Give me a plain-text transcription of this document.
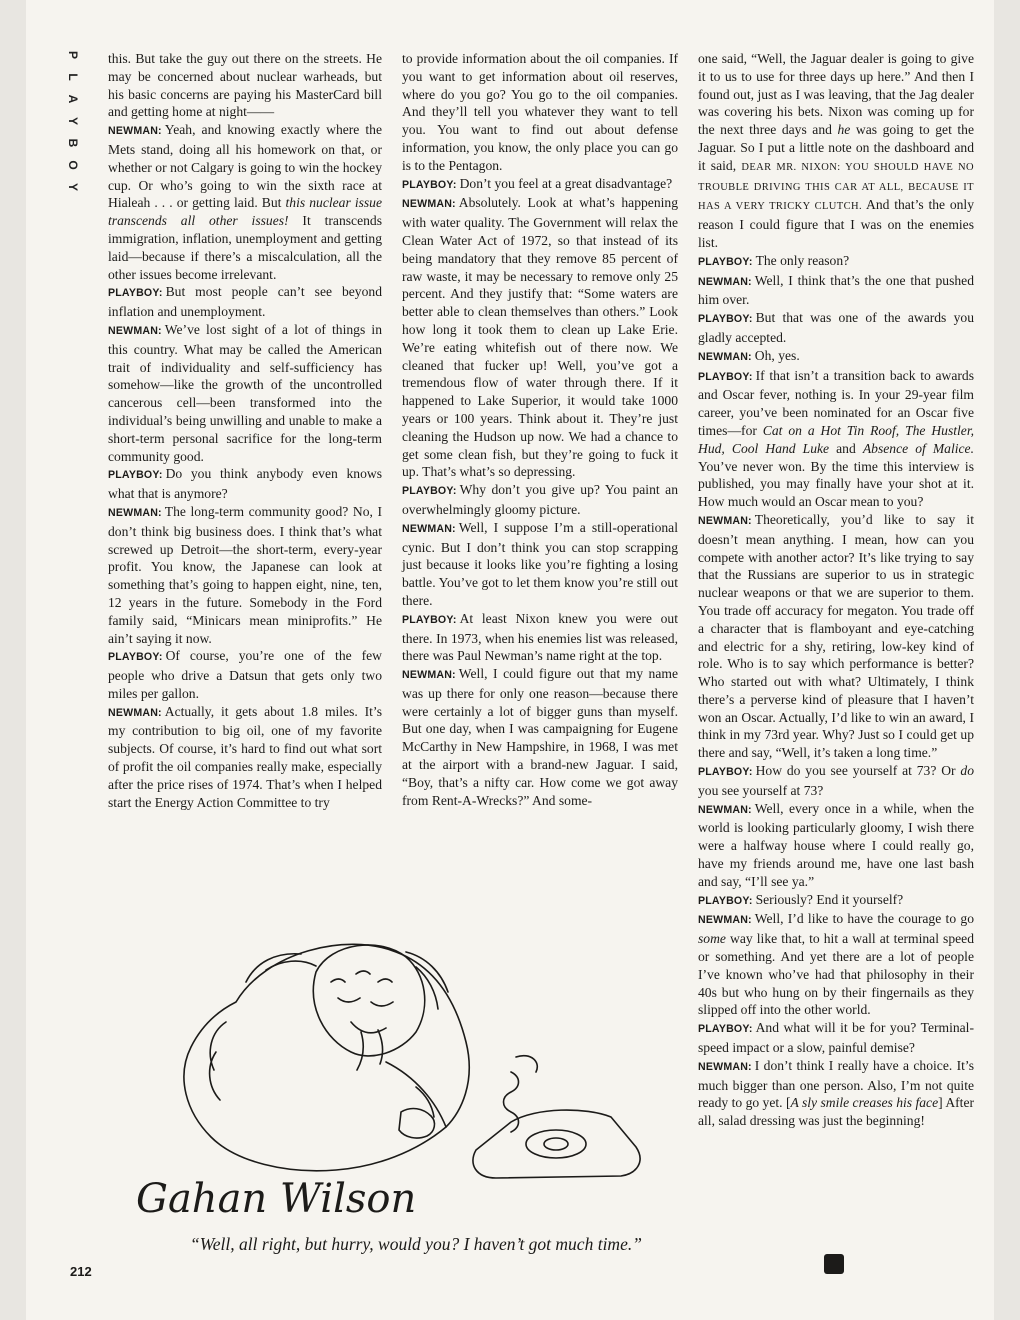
P
L
A
Y
B
O
Y

this. But take the guy out there on the streets. He may be concerned about nuclear warheads, but his basic concerns are paying his MasterCard bill and getting home at night——

NEWMAN: Yeah, and knowing exactly where the Mets stand, doing all his homework on that, or whether or not Calgary is going to win the hockey cup. Or who’s going to win the sixth race at Hialeah . . . or getting laid. But this nuclear issue transcends all other issues! It transcends immigration, inflation, unemployment and getting laid—because if there’s a miscalculation, all the other issues become irrelevant.

PLAYBOY: But most people can’t see beyond inflation and unemployment.

NEWMAN: We’ve lost sight of a lot of things in this country. What may be called the American trait of individuality and self-sufficiency has somehow—like the growth of the uncontrolled cancerous cell—been transformed into the individual’s being unwilling and unable to make a short-term personal sacrifice for the long-term community good.

PLAYBOY: Do you think anybody even knows what that is anymore?

NEWMAN: The long-term community good? No, I don’t think big business does. I think that’s what screwed up Detroit—the short-term, every-year profit. You know, the Japanese can look at something that’s going to happen eight, nine, ten, 12 years in the future. Somebody in the Ford family said, “Minicars mean miniprofits.” He ain’t saying it now.

PLAYBOY: Of course, you’re one of the few people who drive a Datsun that gets only two miles per gallon.

NEWMAN: Actually, it gets about 1.8 miles. It’s my contribution to big oil, one of my favorite subjects. Of course, it’s hard to find out what sort of profit the oil companies really make, especially after the price rises of 1974. That’s when I helped start the Energy Action Committee to try

to provide information about the oil companies. If you want to get information about oil reserves, where do you go? You go to the oil companies. And they’ll tell you whatever they want to tell you. You want to find out about defense information, you know, the only place you can go is to the Pentagon.

PLAYBOY: Don’t you feel at a great disadvantage?

NEWMAN: Absolutely. Look at what’s happening with water quality. The Government will relax the Clean Water Act of 1972, so that instead of its being mandatory that they remove 85 percent of raw waste, it may be necessary to remove only 25 percent. And they justify that: “Some waters are better able to clean themselves than others.” Look how long it took them to clean up Lake Erie. We’re eating whitefish out of there now. We cleaned that fucker up! Well, you’ve got a tremendous flow of water through there. If it happened to Lake Superior, it would take 1000 years or 100 years. Think about it. They’re just cleaning the Hudson up now. We had a chance to get some clean fish, but they’re going to fuck it up. That’s what’s so depressing.

PLAYBOY: Why don’t you give up? You paint an overwhelmingly gloomy picture.

NEWMAN: Well, I suppose I’m a still-operational cynic. But I don’t think you can stop scrapping just because it looks like you’re fighting a losing battle. You’ve got to let them know you’re still out there.

PLAYBOY: At least Nixon knew you were out there. In 1973, when his enemies list was released, there was Paul Newman’s name right at the top.

NEWMAN: Well, I could figure out that my name was up there for only one reason—because there were certainly a lot of bigger guns than myself. But one day, when I was campaigning for Eugene McCarthy in New Hampshire, in 1968, I was met at the airport with a brand-new Jaguar. I said, “Boy, that’s a nifty car. How come we got away from Rent-A-Wrecks?” And some-

one said, “Well, the Jaguar dealer is going to give it to us to use for three days up here.” And then I found out, just as I was leaving, that the Jag dealer was covering his bets. Nixon was coming up for the next three days and he was going to get the Jaguar. So I put a little note on the dashboard and it said, DEAR MR. NIXON: YOU SHOULD HAVE NO TROUBLE DRIVING THIS CAR AT ALL, BECAUSE IT HAS A VERY TRICKY CLUTCH. And that’s the only reason I could figure that I was on the enemies list.

PLAYBOY: The only reason?

NEWMAN: Well, I think that’s the one that pushed him over.

PLAYBOY: But that was one of the awards you gladly accepted.

NEWMAN: Oh, yes.

PLAYBOY: If that isn’t a transition back to awards and Oscar fever, nothing is. In your 29-year film career, you’ve been nominated for an Oscar five times—for Cat on a Hot Tin Roof, The Hustler, Hud, Cool Hand Luke and Absence of Malice. You’ve never won. By the time this interview is published, you may finally have your shot at it. How much would an Oscar mean to you?

NEWMAN: Theoretically, you’d like to say it doesn’t mean anything. I mean, how can you compete with another actor? It’s like trying to say that the Russians are superior to us in strategic nuclear weapons or that we are superior to them. You trade off accuracy for megaton. You trade off a character that is flamboyant and eye-catching and electric for a shy, retiring, low-key kind of role. Who is to say which performance is better? Who started out with what? Ultimately, I think there’s a perverse kind of pleasure that I haven’t won an Oscar. Actually, I’d like to win an award, I think in my 73rd year. Why? Just so I could get up there and say, “Well, it’s taken a long time.”

PLAYBOY: How do you see yourself at 73? Or do you see yourself at 73?

NEWMAN: Well, every once in a while, when the world is looking particularly gloomy, I wish there were a halfway house where I could really go, have my friends around me, have one last bash and say, “I’ll see ya.”

PLAYBOY: Seriously? End it yourself?

NEWMAN: Well, I’d like to have the courage to go some way like that, to hit a wall at terminal speed or something. And yet there are a lot of people I’ve known who’ve had that philosophy in their 40s but who hung on by their fingernails as they slipped off into the other world.

PLAYBOY: And what will it be for you? Terminal-speed impact or a slow, painful demise?

NEWMAN: I don’t think I really have a choice. It’s much bigger than one person. Also, I’m not quite ready to go yet. [A sly smile creases his face] After all, salad dressing was just the beginning!

Gahan Wilson
“Well, all right, but hurry, would you? I haven’t got much time.”
212
